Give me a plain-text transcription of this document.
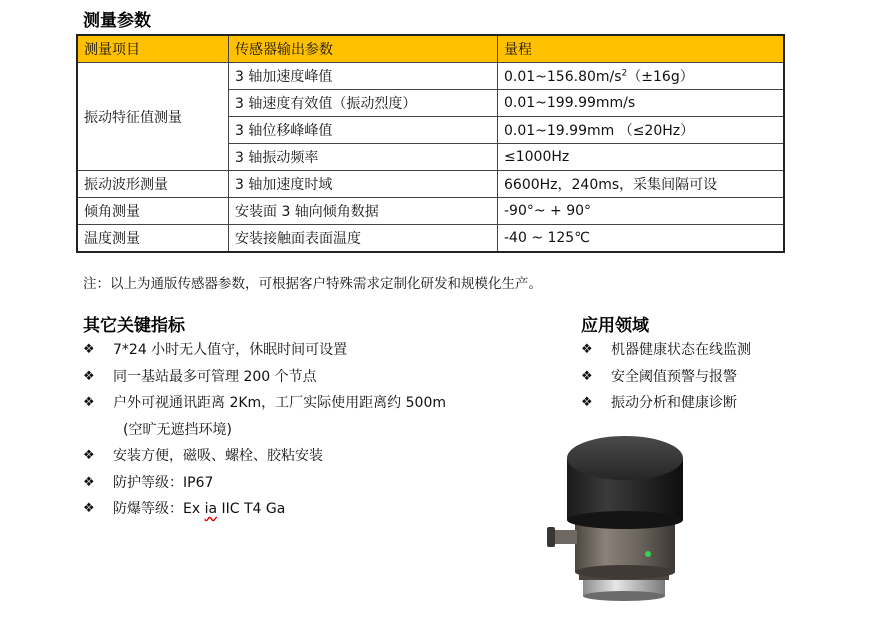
测量参数
测量项目	传感器输出参数	量程
振动特征值测量	3 轴加速度峰值	$0.01\sim 156.80m/s^2(\pm 16g)$
	3 轴速度有效值（振动烈度）	0.01~199.99mm/s
	3 轴位移峰峰值	0.01~19.99mm （≤20Hz）
	3 轴振动频率	≤1000Hz
振动波形测量	3 轴加速度时域	6600Hz，240ms，采集间隔可设
倾角测量	安装面 3 轴向倾角数据	-90°~ + 90°
温度测量	安装接触面表面温度	-40 ~ 125℃

注：以上为通版传感器参数，可根据客户特殊需求定制化研发和规模化生产。

其它关键指标
❖ 7*24 小时无人值守，休眠时间可设置
❖ 同一基站最多可管理 200 个节点
❖ 户外可视通讯距离 2Km，工厂实际使用距离约 500m
(空旷无遮挡环境)
❖ 安装方便，磁吸、螺栓、胶粘安装
❖ 防护等级：IP67
❖ 防爆等级：Ex ia IIC T4 Ga
应用领域
❖ 机器健康状态在线监测
❖ 安全阈值预警与报警
❖ 振动分析和健康诊断
